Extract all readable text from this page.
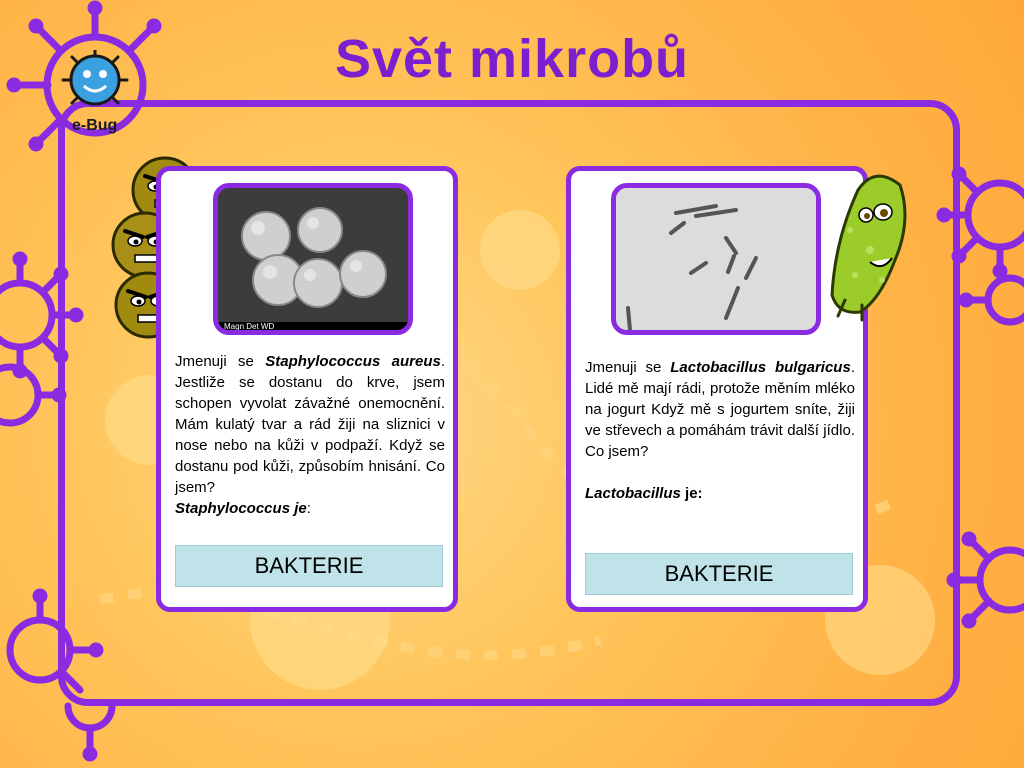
Svět mikrobů
e-Bug
Magn Det WD
Jmenuji se Staphylococcus aureus. Jestliže se dostanu do krve, jsem schopen vyvolat závažné onemocnění. Mám kulatý tvar a rád žiji na sliznici v nose nebo na kůži v podpaží. Když se dostanu pod kůži, způsobím hnisání. Co jsem?
Staphylococcus je:
BAKTERIE
Jmenuji se Lactobacillus bulgaricus. Lidé mě mají rádi, protože měním mléko na jogurt Když mě s jogurtem sníte, žiji ve střevech a pomáhám trávit další jídlo. Co jsem?

Lactobacillus je:
BAKTERIE
